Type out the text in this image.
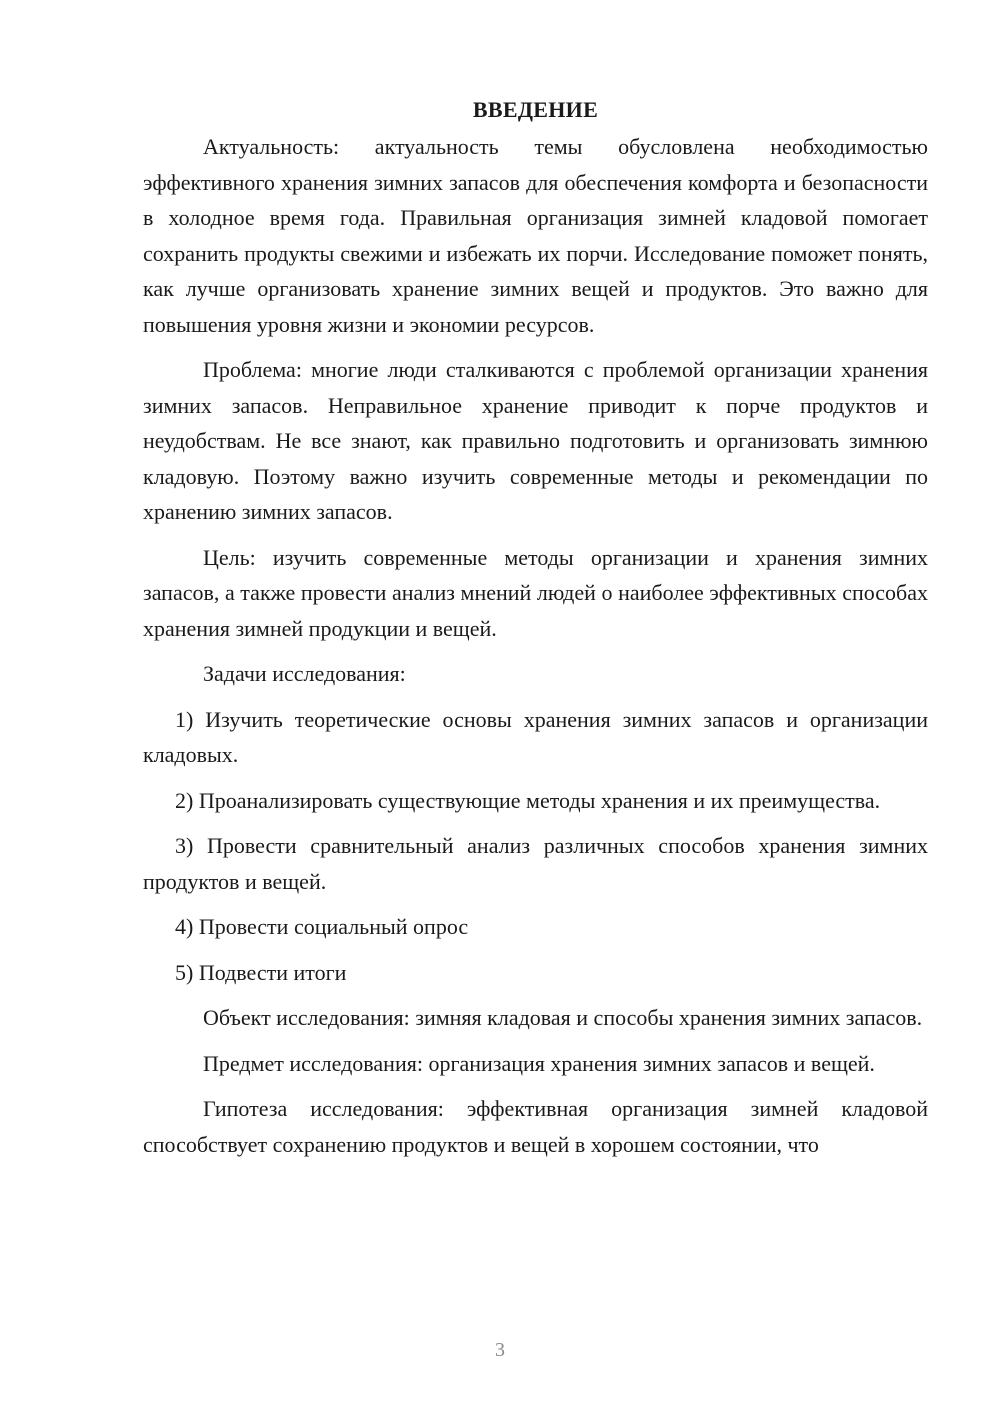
ВВЕДЕНИЕ

Актуальность: актуальность темы обусловлена необходимостью эффективного хранения зимних запасов для обеспечения комфорта и безопасности в холодное время года. Правильная организация зимней кладовой помогает сохранить продукты свежими и избежать их порчи. Исследование поможет понять, как лучше организовать хранение зимних вещей и продуктов. Это важно для повышения уровня жизни и экономии ресурсов.

Проблема: многие люди сталкиваются с проблемой организации хранения зимних запасов. Неправильное хранение приводит к порче продуктов и неудобствам. Не все знают, как правильно подготовить и организовать зимнюю кладовую. Поэтому важно изучить современные методы и рекомендации по хранению зимних запасов.

Цель: изучить современные методы организации и хранения зимних запасов, а также провести анализ мнений людей о наиболее эффективных способах хранения зимней продукции и вещей.

Задачи исследования:

1) Изучить теоретические основы хранения зимних запасов и организации кладовых.

2) Проанализировать существующие методы хранения и их преимущества.

3) Провести сравнительный анализ различных способов хранения зимних продуктов и вещей.

4) Провести социальный опрос

5) Подвести итоги

Объект исследования: зимняя кладовая и способы хранения зимних запасов.

Предмет исследования: организация хранения зимних запасов и вещей.

Гипотеза исследования: эффективная организация зимней кладовой способствует сохранению продуктов и вещей в хорошем состоянии, что

3
